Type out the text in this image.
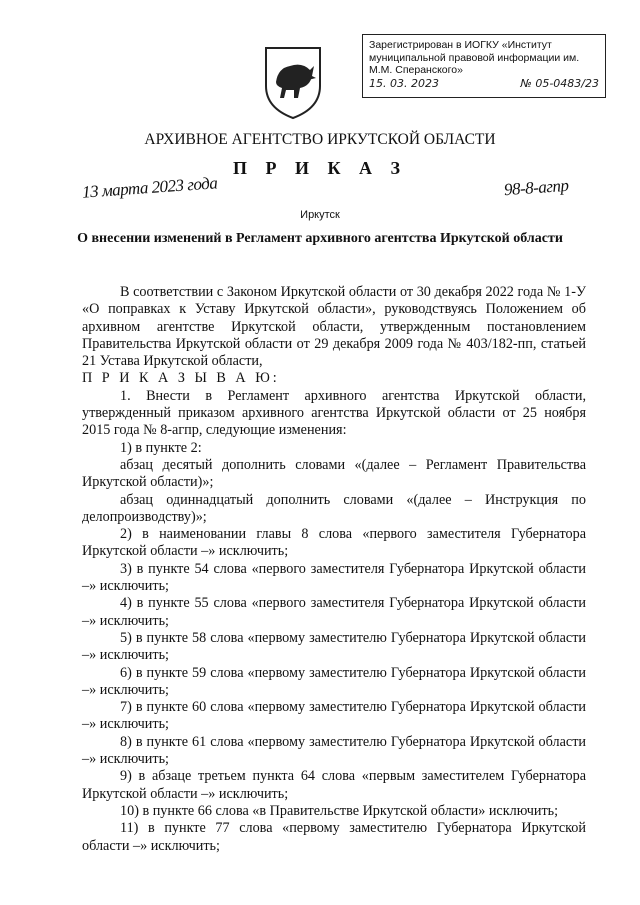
Зарегистрирован в ИОГКУ «Институт муниципальной правовой информации им. М.М. Сперанского»
15. 03. 2023	№ 05-0483/23
АРХИВНОЕ АГЕНТСТВО ИРКУТСКОЙ ОБЛАСТИ
П Р И К А З
13 марта 2023 года	98-8-агпр
Иркутск
О внесении изменений в Регламент архивного агентства Иркутской области

В соответствии с Законом Иркутской области от 30 декабря 2022 года № 1-У «О поправках к Уставу Иркутской области», руководствуясь Положением об архивном агентстве Иркутской области, утвержденным постановлением Правительства Иркутской области от 29 декабря 2009 года № 403/182-пп, статьей 21 Устава Иркутской области,

П Р И К А З Ы В А Ю:

1. Внести в Регламент архивного агентства Иркутской области, утвержденный приказом архивного агентства Иркутской области от 25 ноября 2015 года № 8-агпр, следующие изменения:

1) в пункте 2:

абзац десятый дополнить словами «(далее – Регламент Правительства Иркутской области)»;

абзац одиннадцатый дополнить словами «(далее – Инструкция по делопроизводству)»;

2) в наименовании главы 8 слова «первого заместителя Губернатора Иркутской области –» исключить;

3) в пункте 54 слова «первого заместителя Губернатора Иркутской области –» исключить;

4) в пункте 55 слова «первого заместителя Губернатора Иркутской области –» исключить;

5) в пункте 58 слова «первому заместителю Губернатора Иркутской области –» исключить;

6) в пункте 59 слова «первому заместителю Губернатора Иркутской области –» исключить;

7) в пункте 60 слова «первому заместителю Губернатора Иркутской области –» исключить;

8) в пункте 61 слова «первому заместителю Губернатора Иркутской области –» исключить;

9) в абзаце третьем пункта 64 слова «первым заместителем Губернатора Иркутской области –» исключить;

10) в пункте 66 слова «в Правительстве Иркутской области» исключить;

11) в пункте 77 слова «первому заместителю Губернатора Иркутской области –» исключить;
